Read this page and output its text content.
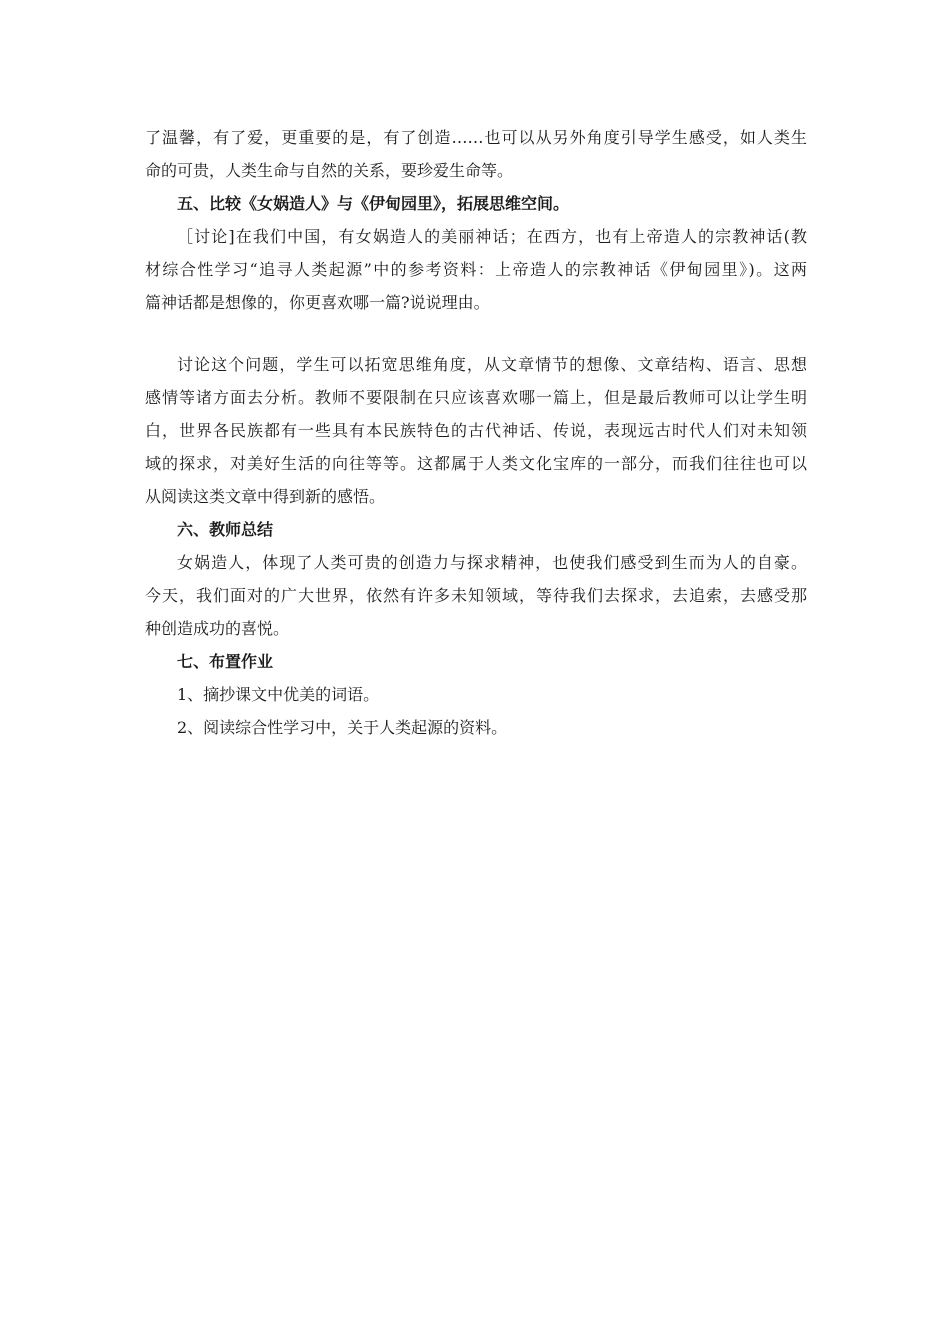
了温馨，有了爱，更重要的是，有了创造……也可以从另外角度引导学生感受，如人类生

命的可贵，人类生命与自然的关系，要珍爱生命等。

五、比较《女娲造人》与《伊甸园里》，拓展思维空间。

［讨论]在我们中国，有女娲造人的美丽神话；在西方，也有上帝造人的宗教神话(教

材综合性学习“追寻人类起源”中的参考资料：上帝造人的宗教神话《伊甸园里》)。这两

篇神话都是想像的，你更喜欢哪一篇?说说理由。

讨论这个问题，学生可以拓宽思维角度，从文章情节的想像、文章结构、语言、思想

感情等诸方面去分析。教师不要限制在只应该喜欢哪一篇上，但是最后教师可以让学生明

白，世界各民族都有一些具有本民族特色的古代神话、传说，表现远古时代人们对未知领

域的探求，对美好生活的向往等等。这都属于人类文化宝库的一部分，而我们往往也可以

从阅读这类文章中得到新的感悟。

六、教师总结

女娲造人，体现了人类可贵的创造力与探求精神，也使我们感受到生而为人的自豪。

今天，我们面对的广大世界，依然有许多未知领域，等待我们去探求，去追索，去感受那

种创造成功的喜悦。

七、布置作业

1、摘抄课文中优美的词语。

2、阅读综合性学习中，关于人类起源的资料。
